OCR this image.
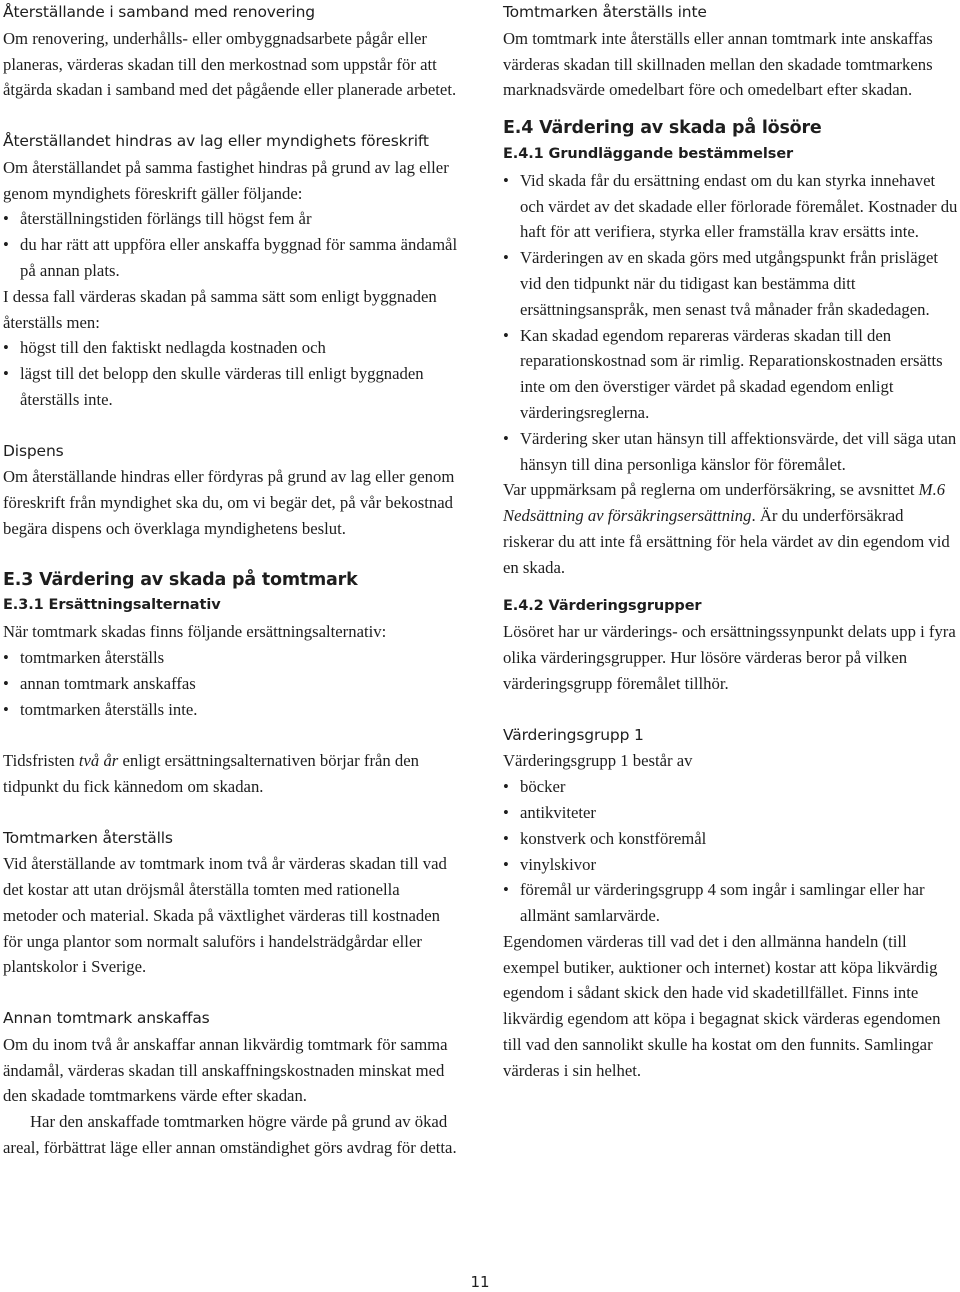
Återställande i samband med renovering
Om renovering, underhålls- eller ombyggnadsarbete pågår eller planeras, värderas skadan till den merkostnad som uppstår för att åtgärda skadan i samband med det pågående eller planerade arbetet.
Återställandet hindras av lag eller myndighets föreskrift
Om återställandet på samma fastighet hindras på grund av lag eller genom myndighets föreskrift gäller följande:
• återställningstiden förlängs till högst fem år
• du har rätt att uppföra eller anskaffa byggnad för samma ändamål på annan plats.
I dessa fall värderas skadan på samma sätt som enligt byggnaden återställs men:
• högst till den faktiskt nedlagda kostnaden och
• lägst till det belopp den skulle värderas till enligt byggnaden återställs inte.
Dispens
Om återställande hindras eller fördyras på grund av lag eller genom föreskrift från myndighet ska du, om vi begär det, på vår bekostnad begära dispens och överklaga myndighetens beslut.
E.3 Värdering av skada på tomtmark
E.3.1 Ersättningsalternativ
När tomtmark skadas finns följande ersättningsalternativ:
• tomtmarken återställs
• annan tomtmark anskaffas
• tomtmarken återställs inte.
Tidsfristen två år enligt ersättningsalternativen börjar från den tidpunkt du fick kännedom om skadan.
Tomtmarken återställs
Vid återställande av tomtmark inom två år värderas skadan till vad det kostar att utan dröjsmål återställa tomten med rationella metoder och material. Skada på växtlighet värderas till kostnaden för unga plantor som normalt saluförs i handelsträdgårdar eller plantskolor i Sverige.
Annan tomtmark anskaffas
Om du inom två år anskaffar annan likvärdig tomtmark för samma ändamål, värderas skadan till anskaffningskostnaden minskat med den skadade tomtmarkens värde efter skadan.
Har den anskaffade tomtmarken högre värde på grund av ökad areal, förbättrat läge eller annan omständighet görs avdrag för detta.
Tomtmarken återställs inte
Om tomtmark inte återställs eller annan tomtmark inte anskaffas värderas skadan till skillnaden mellan den skadade tomtmarkens marknadsvärde omedelbart före och omedelbart efter skadan.
E.4 Värdering av skada på lösöre
E.4.1 Grundläggande bestämmelser
• Vid skada får du ersättning endast om du kan styrka innehavet och värdet av det skadade eller förlorade föremålet. Kostnader du haft för att verifiera, styrka eller framställa krav ersätts inte.
• Värderingen av en skada görs med utgångspunkt från prisläget vid den tidpunkt när du tidigast kan bestämma ditt ersättningsanspråk, men senast två månader från skadedagen.
• Kan skadad egendom repareras värderas skadan till den reparationskostnad som är rimlig. Reparationskostnaden ersätts inte om den överstiger värdet på skadad egendom enligt värderingsreglerna.
• Värdering sker utan hänsyn till affektionsvärde, det vill säga utan hänsyn till dina personliga känslor för föremålet.
Var uppmärksam på reglerna om underförsäkring, se avsnittet M.6 Nedsättning av försäkringsersättning. Är du underförsäkrad riskerar du att inte få ersättning för hela värdet av din egendom vid en skada.
E.4.2 Värderingsgrupper
Lösöret har ur värderings- och ersättningssynpunkt delats upp i fyra olika värderingsgrupper. Hur lösöre värderas beror på vilken värderingsgrupp föremålet tillhör.
Värderingsgrupp 1
Värderingsgrupp 1 består av
• böcker
• antikviteter
• konstverk och konstföremål
• vinylskivor
• föremål ur värderingsgrupp 4 som ingår i samlingar eller har allmänt samlarvärde.
Egendomen värderas till vad det i den allmänna handeln (till exempel butiker, auktioner och internet) kostar att köpa likvärdig egendom i sådant skick den hade vid skadetillfället. Finns inte likvärdig egendom att köpa i begagnat skick värderas egendomen till vad den sannolikt skulle ha kostat om den funnits. Samlingar värderas i sin helhet.
11
